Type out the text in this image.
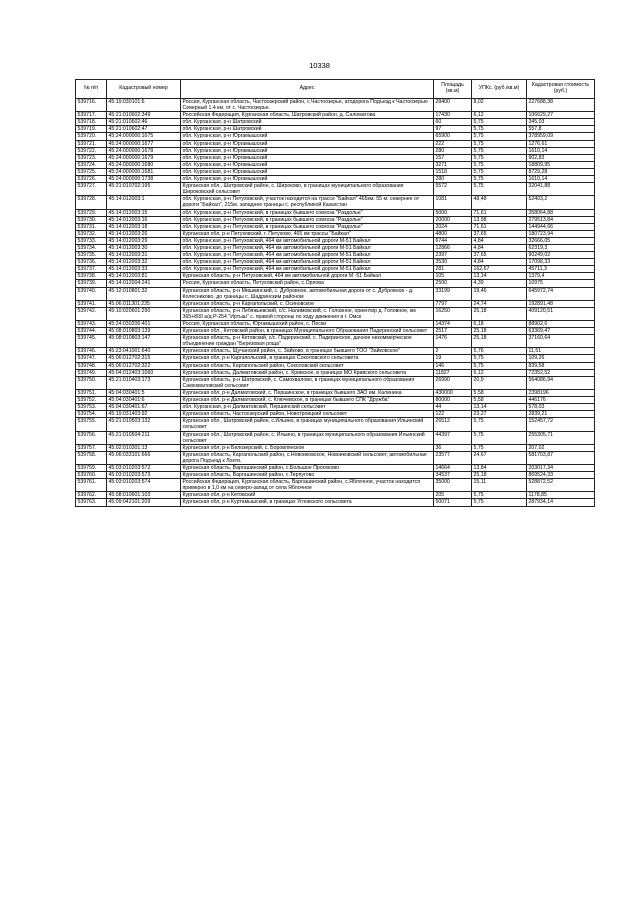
10338
№ п/п	Кадастровый номер	Адрес	Площадь (кв.м)	УПКс. (руб./кв.м)	Кадастровая стоимость (руб.)
539716.	45:19:030101:6	Россия, Курганская область, Частоозерский район, с.Частоозерье, атодорога Подъезд к Частоозерью Северный 1.4 км. от с. Частоозерье.	28400	8,02	227688,38
539717.	45:21:010602:349	Российская Федерация, Курганская область, Шатровский район, д. Саломатова	17430	6,12	106629,27
539718.	45:21:010602:46	обл. Курганская, р-н Шатровский	60	5,75	345,03
539719.	45:21:010602:47	обл. Курганская, р-н Шатровский	97	5,75	557,8
539720.	45:24:000000:1675	обл. Курганская, р-н Юргамышский	65900	5,75	378959,09
539721.	45:24:000000:1677	обл. Курганская, р-н Юргамышский	222	5,75	1276,61
539722.	45:24:000000:1678	обл. Курганская, р-н Юргамышский	280	5,75	1610,14
539723.	45:24:000000:1679	обл. Курганская, р-н Юргамышский	157	5,75	902,83
539724.	45:24:000000:1680	обл. Курганская, р-н Юргамышский	3271	5,75	18809,95
539725.	45:24:000000:1681	обл. Курганская, р-н Юргамышский	1518	5,75	8729,28
539726.	45:24:000000:1738	обл. Курганская, р-н Юргамышский	280	5,75	1610,14
539727.	45:21:010702:195	Курганская обл., Шатровский район, с. Широково, в границах муниципального образования Широковский сельсовет	5572	5,75	32041,88
539728.	45:14:012003:1	обл. Курганская, р-н Петуховский, участок находится на трассе "Байкал" 465км. 55 м. севернее от дороги "Байкал", 215м. западнее границы с. республикой Казахстан	1081	48,48	52403,2
539729.	45:14:012003:15	обл. Курганская, р-н Петуховский, в границах бывшего совхоза "Раздолье"	5000	71,61	358064,88
539730.	45:14:012003:16	обл. Курганская, р-н Петуховский, в границах бывшего совхоза "Раздолье"	20000	13,98	279513,84
539731.	45:14:012003:18	обл. Курганская, р-н Петуховский, в границах бывшего совхоза "Раздолье"	2024	71,61	144944,66
539732.	45:14:012003:26	Курганская обл, р-н Петуховский, г. Петухово, 465 км трассы "Байкал"	4800	37,65	180723,94
539733.	45:14:012003:29	обл. Курганская, р-н Петуховский, 464 км автомобильной дороги М-51 Байкал	6744	4,84	32666,05
539734.	45:14:012003:30	обл. Курганская, р-н Петуховский, 464 км автомобильной дороги М-51 Байкал	12866	4,84	62319,3
539735.	45:14:012003:31	обл. Курганская, р-н Петуховский, 464 км автомобильной дороги М-51 Байкал	2397	37,65	90249,02
539736.	45:14:012003:32	обл. Курганская, р-н Петуховский, 464 км автомобильной дороги М-51 Байкал	3530	4,84	17098,33
539737.	45:14:012003:33	обл. Курганская, р-н Петуховский, 464 км автомобильной дороги М-51 Байкал	281	162,67	45711,3
539738.	45:14:012003:81	Курганская область, р-н Петуховский, 464 км автомобильной дороги М -51 Байкал	105	13,14	1379,4
539739.	45:14:012004:241	Россия, Курганская область, Петуховский район, с.Орлова	2500	4,39	10975
539740.	45:12:010801:32	Курганская область, р-н Мишкинский, с. Дубровное, автомобильная дорога от с. Дубровное - д. Колесниково, до границы с. Шадринским районом	33199	19,46	645972,74
539741.	45:06:011301:235	Курганская область, р-н Каргапольский, с. Осиновское	7797	24,74	192891,48
539742.	45:10:020601:290	Курганская область, р-н Лебяжьевский, с/с. Налимовский, с. Головное, ориентир д. Головное, км 365+800 а/д Р-254 "Иртыш" с. правой стороны по ходу движения в г. Омск	16250	25,18	409120,51
539743.	45:24:030206:401	Россия, Курганская область, Юргамышский район, с. Пески	14374	6,18	88902,6
539744.	45:08:010803:139	Курганская обл., Кетовский район, в границах Муниципального Образования Падеринский сельсовет	2517	25,18	63369,47
539745.	45:08:010803:147	Курганская область, р-н Кетовский, с/с. Падеринский, с. Падеринское, дачное некоммерческое объединение граждан "Березовая роща"	1476	25,18	37160,64
539746.	45:23:041001:640	Курганская область, Щучанский район, с. Зайково, в границах бывшего ТОО "Зайковское"	2	5,76	11,51
539747.	45:06:012702:315	Курганская обл, р-н Каргапольский, в границах Соколовского сельсовета	19	5,75	109,26
539748.	45:06:012702:322	Курганская область, Каргапольский район, Соколовский сельсовет	146	5,75	839,58
539749.	45:04:012403:1060	Курганская область, Далматовский район, с. Кривское, в границах МО Кривского сельсовета	11827	6,12	72352,52
539750.	45:21:010403:173	Курганская область, р-н Шатровский, с. Самохвалово, в границах муниципального образования Самохваловский сельсовет	26990	20,9	564086,94
539751.	45:04:030401:5	Курганская обл, р-н Далматовский, с. Першинское, в границах бывшего ЗАО им. Калинина	430000	5,58	2398196
539752.	45:04:030401:6	Курганская обл, р-н Далматовский, с. Ключевское, в границах бывшего СПК "Дружба"	80000	5,58	446176
539753.	45:04:030401:67	обл. Курганская, р-н Далматовский, Першинский сельсовет	44	13,14	578,03
539754.	45:19:031403:92	Курганская область, Частоозерский район, Новотроицкий сельсовет	122	23,27	2839,21
539755.	45:21:010503:132	Курганская обл., Шатровский район, с.Ильино, в границах муниципального образования Ильинский сельсовет	26512	5,75	152457,72
539756.	45:21:010504:211	Курганская обл., Шатровский район, с. Ильино, в границах муниципального образования Ильинский сельсовет	44397	5,75	255305,71
539757.	45:02:010301:13	Курганская обл, р-н Белозерский, с. Боровлянское	36	5,75	207,02
539758.	45:06:033101:666	Курганская область, Каргапольский район, с.Новоиковское, Новоиковский сельсовет, автомобильная дорога Подъезд к Локти.	23577	24,67	581703,87
539759.	45:03:010203:572	Курганская область, Варгашинский район, с.Большое Просеково	14664	13,84	203017,34
539760.	45:03:010203:573	Курганская область, Варгашинский район, с.Терпугово	34537	25,18	869524,33
539761.	45:03:010203:574	Российская Федерация, Курганская область, Варгашинский район, с.Яблочное, участок находится примерно в 1,0 км на северо-запад от села Яблочное	35000	15,11	528872,52
539762.	45:08:010601:103	Курганская обл, р-н Кетовский	205	5,75	1178,85
539763.	45:09:042101:209	Курганская обл, р-н Куртамышский, в границах Угловского сельсовета	50071	5,75	287934,14
